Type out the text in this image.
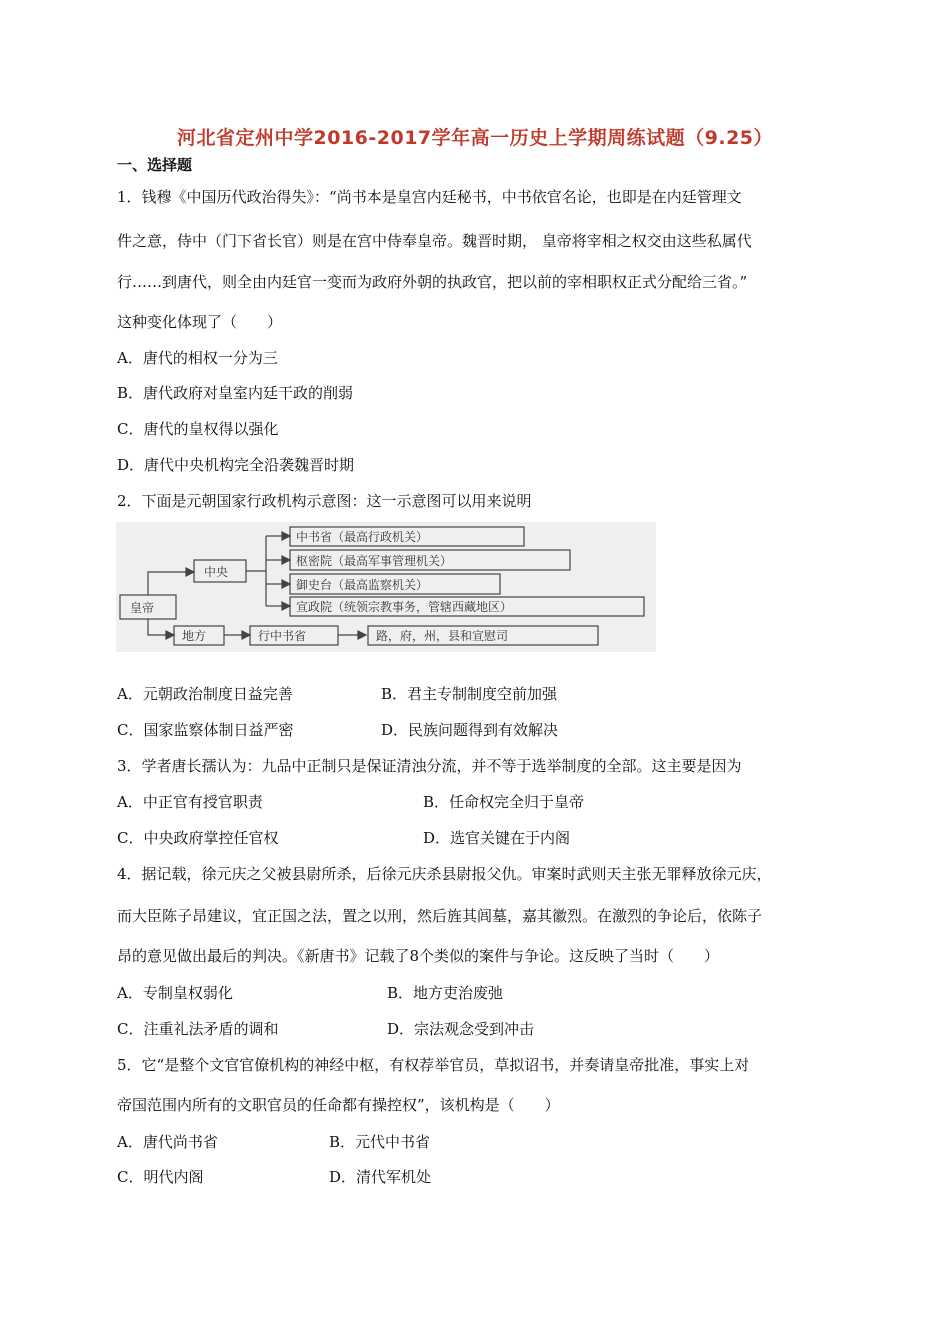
河北省定州中学2016-2017学年高一历史上学期周练试题（9.25）
一、选择题
1．钱穆《中国历代政治得失》：“尚书本是皇宫内廷秘书，中书依官名论，也即是在内廷管理文
件之意，侍中（门下省长官）则是在宫中侍奉皇帝。魏晋时期， 皇帝将宰相之权交由这些私属代
行……到唐代，则全由内廷官一变而为政府外朝的执政官，把以前的宰相职权正式分配给三省。”
这种变化体现了（　　）
A．唐代的相权一分为三
B．唐代政府对皇室内廷干政的削弱
C．唐代的皇权得以强化
D．唐代中央机构完全沿袭魏晋时期
2．下面是元朝国家行政机构示意图：这一示意图可以用来说明
皇帝
中央
中书省（最高行政机关）
枢密院（最高军事管理机关）
御史台（最高监察机关）
宣政院（统领宗教事务，管辖西藏地区）
地方	行中书省	路，府，州，县和宣慰司
A．元朝政治制度日益完善	B．君主专制制度空前加强
C．国家监察体制日益严密	D．民族问题得到有效解决
3．学者唐长孺认为：九品中正制只是保证清浊分流，并不等于选举制度的全部。这主要是因为
A．中正官有授官职责	B．任命权完全归于皇帝
C．中央政府掌控任官权	D．选官关键在于内阁
4．据记载，徐元庆之父被县尉所杀，后徐元庆杀县尉报父仇。审案时武则天主张无罪释放徐元庆，
而大臣陈子昂建议，宜正国之法，置之以刑，然后旌其闾墓，嘉其徽烈。在激烈的争论后，依陈子
昂的意见做出最后的判决。《新唐书》记载了8个类似的案件与争论。这反映了当时（　　）
A．专制皇权弱化	B．地方吏治废弛
C．注重礼法矛盾的调和	D．宗法观念受到冲击
5．它“是整个文官官僚机构的神经中枢，有权荐举官员，草拟诏书，并奏请皇帝批准，事实上对
帝国范围内所有的文职官员的任命都有操控权”，该机构是（　　）
A．唐代尚书省	B．元代中书省
C．明代内阁	D．清代军机处
